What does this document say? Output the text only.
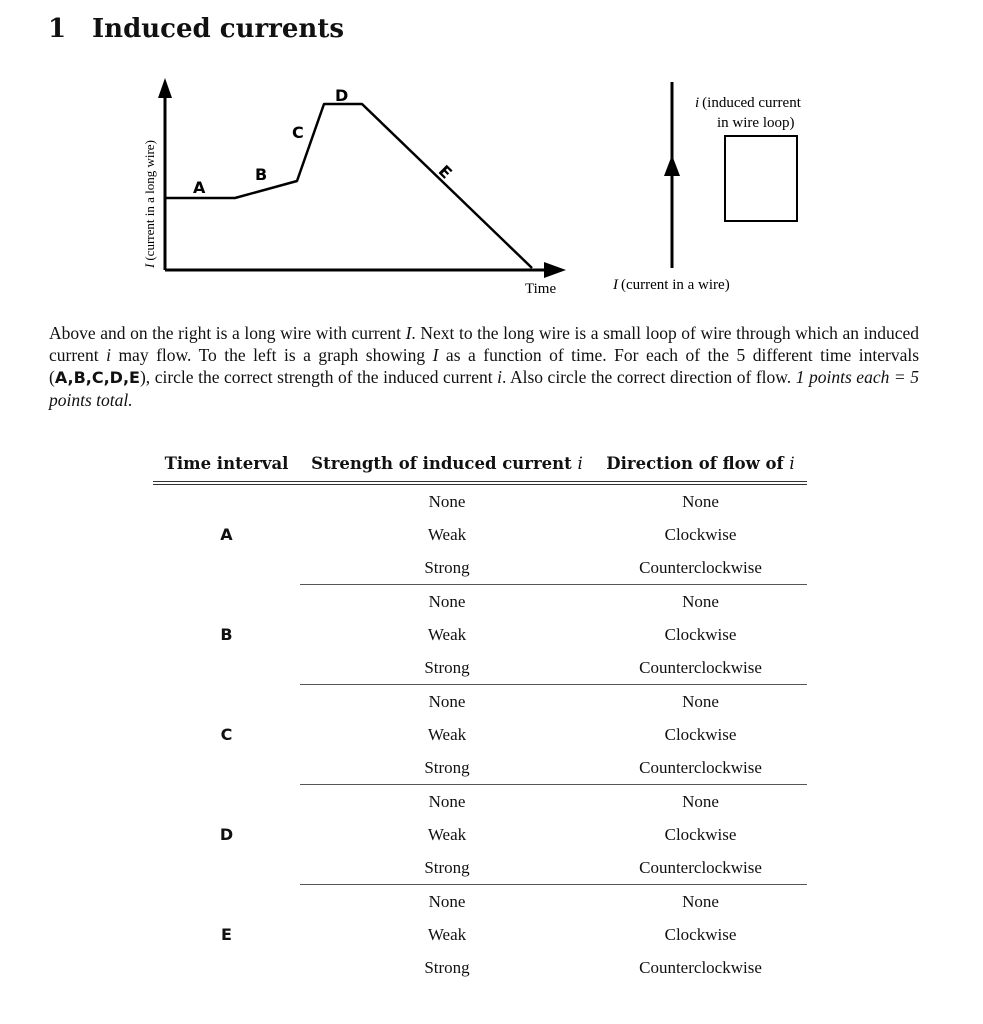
1 Induced currents
A
B
C
D
E
Time
I(current in a long wire)
i (induced current
in wire loop)
I (current in a wire)
Above and on the right is a long wire with current I. Next to the long wire is a small loop of wire through which an induced current i may flow. To the left is a graph showing I as a function of time. For each of the 5 different time intervals (A,B,C,D,E), circle the correct strength of the induced current i. Also circle the correct direction of flow. 1 points each = 5 points total.
Time interval	Strength of induced current i	Direction of flow of i
A	None	None
	Weak	Clockwise
	Strong	Counterclockwise
B	None	None
	Weak	Clockwise
	Strong	Counterclockwise
C	None	None
	Weak	Clockwise
	Strong	Counterclockwise
D	None	None
	Weak	Clockwise
	Strong	Counterclockwise
E	None	None
	Weak	Clockwise
	Strong	Counterclockwise
